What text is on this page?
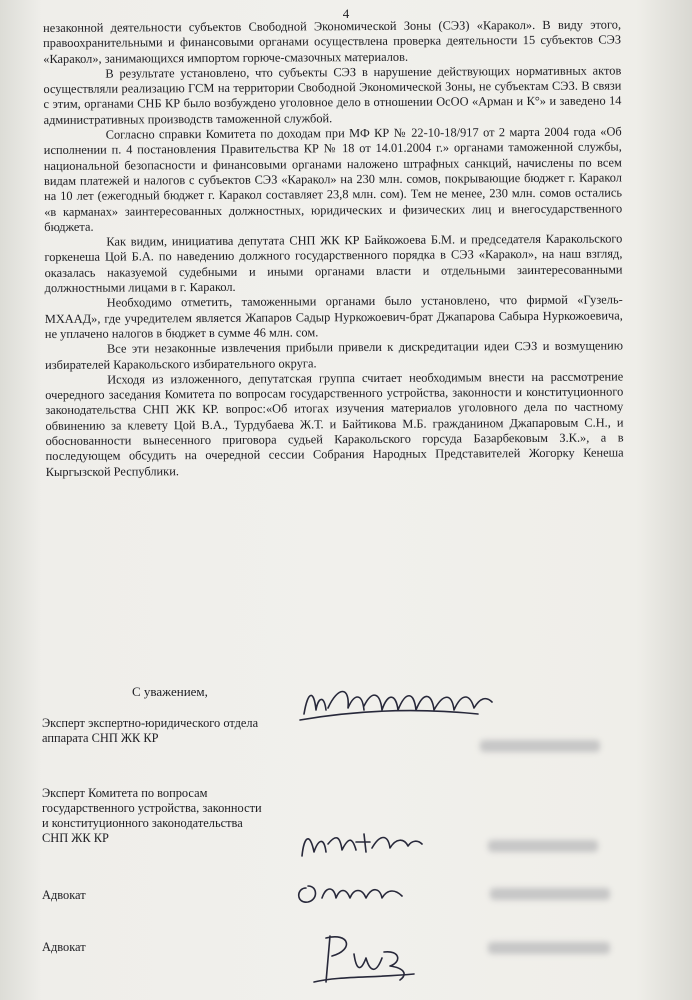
4

незаконной деятельности субъектов Свободной Экономической Зоны (СЭЗ) «Каракол». В виду этого, правоохранительными и финансовыми органами осуществлена проверка деятельности 15 субъектов СЭЗ «Каракол», занимающихся импортом горюче-смазочных материалов.

В результате установлено, что субъекты СЭЗ в нарушение действующих нормативных актов осуществляли реализацию ГСМ на территории Свободной Экономической Зоны, не субъектам СЭЗ. В связи с этим, органами СНБ КР было возбуждено уголовное дело в отношении ОсОО «Арман и К°» и заведено 14 административных производств таможенной службой.

Согласно справки Комитета по доходам при МФ КР № 22-10-18/917 от 2 марта 2004 года «Об исполнении п. 4 постановления Правительства КР № 18 от 14.01.2004 г.» органами таможенной службы, национальной безопасности и финансовыми органами наложено штрафных санкций, начислены по всем видам платежей и налогов с субъектов СЭЗ «Каракол» на 230 млн. сомов, покрывающие бюджет г. Каракол на 10 лет (ежегодный бюджет г. Каракол составляет 23,8 млн. сом). Тем не менее, 230 млн. сомов остались «в карманах» заинтересованных должностных, юридических и физических лиц и внегосударственного бюджета.

Как видим, инициатива депутата СНП ЖК КР Байкожоева Б.М. и председателя Каракольского горкенеша Цой Б.А. по наведению должного государственного порядка в СЭЗ «Каракол», на наш взгляд, оказалась наказуемой судебными и иными органами власти и отдельными заинтересованными должностными лицами в г. Каракол.

Необходимо отметить, таможенными органами было установлено, что фирмой «Гузель-МХААД», где учредителем является Жапаров Садыр Нуркожоевич-брат Джапарова Сабыра Нуркожоевича, не уплачено налогов в бюджет в сумме 46 млн. сом.

Все эти незаконные извлечения прибыли привели к дискредитации идеи СЭЗ и возмущению избирателей Каракольского избирательного округа.

Исходя из изложенного, депутатская группа считает необходимым внести на рассмотрение очередного заседания Комитета по вопросам государственного устройства, законности и конституционного законодательства СНП ЖК КР. вопрос:«Об итогах изучения материалов уголовного дела по частному обвинению за клевету Цой В.А., Турдубаева Ж.Т. и Байтикова М.Б. гражданином Джапаровым С.Н., и обоснованности вынесенного приговора судьей Каракольского горсуда Базарбековым З.К.», а в последующем обсудить на очередной сессии Собрания Народных Представителей Жогорку Кенеша Кыргызской Республики.

С уважением,
Эксперт экспертно-юридического отдела
аппарата СНП ЖК КР
Эксперт Комитета по вопросам
государственного устройства, законности
и конституционного законодательства
СНП ЖК КР
Адвокат
Адвокат
